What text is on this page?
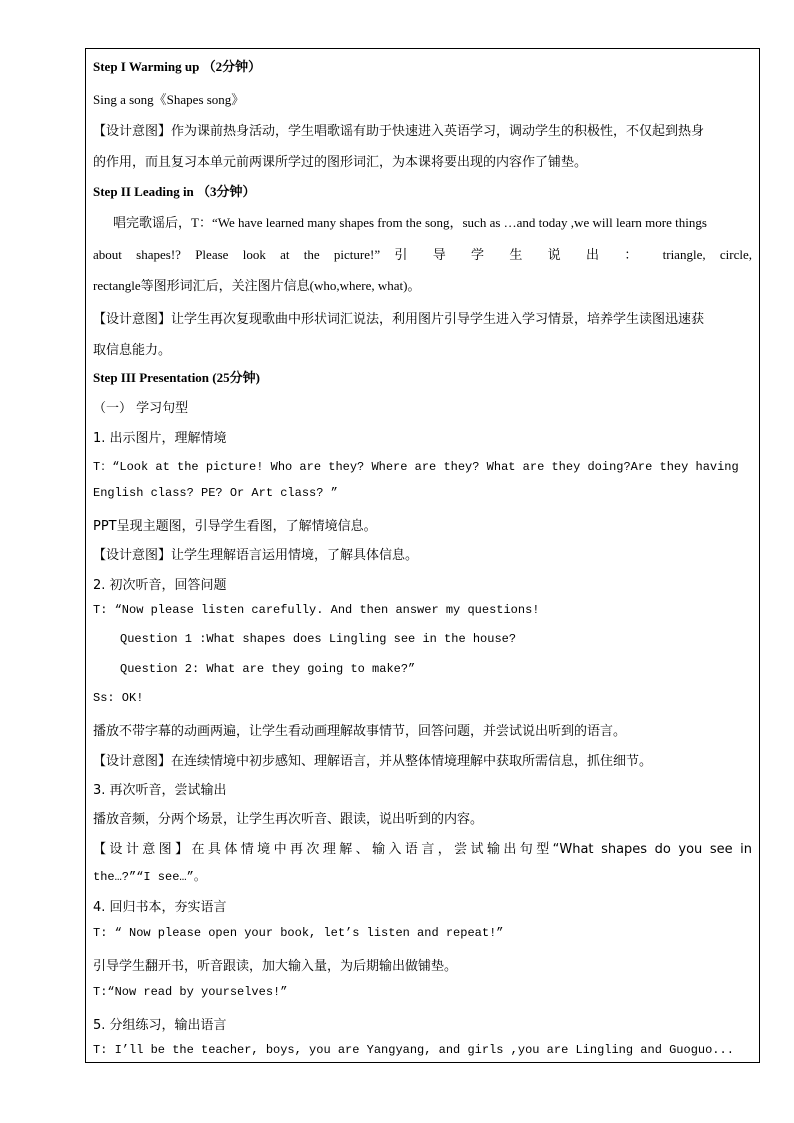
Step I Warming up （2分钟）
Sing a song《Shapes song》
【设计意图】作为课前热身活动，学生唱歌谣有助于快速进入英语学习，调动学生的积极性，不仅起到热身
的作用，而且复习本单元前两课所学过的图形词汇，为本课将要出现的内容作了铺垫。
Step II Leading in （3分钟）
唱完歌谣后，T：“We have learned many shapes from the song，such as …and today ,we will learn more things
about shapes!? Please look at the picture!” 引 导 学 生 说 出 ： triangle, circle,
rectangle等图形词汇后，关注图片信息(who,where, what)。
【设计意图】让学生再次复现歌曲中形状词汇说法，利用图片引导学生进入学习情景，培养学生读图迅速获
取信息能力。
Step III Presentation (25分钟)
（一） 学习句型
1. 出示图片，理解情境
T：“Look at the picture! Who are they? Where are they? What are they doing?Are they having
English class? PE? Or Art class? ”
PPT呈现主题图，引导学生看图，了解情境信息。
【设计意图】让学生理解语言运用情境，了解具体信息。
2. 初次听音，回答问题
T: “Now please listen carefully. And then answer my questions!
Question 1 :What shapes does Lingling see in the house?
Question 2: What are they going to make?”
Ss: OK!
播放不带字幕的动画两遍，让学生看动画理解故事情节，回答问题，并尝试说出听到的语言。
【设计意图】在连续情境中初步感知、理解语言，并从整体情境理解中获取所需信息，抓住细节。
3. 再次听音，尝试输出
播放音频，分两个场景，让学生再次听音、跟读，说出听到的内容。
【设计意图】在具体情境中再次理解、输入语言，尝试输出句型“What shapes do you see in
the…?”“I see…”。
4. 回归书本，夯实语言
T: “ Now please open your book, let’s listen and repeat!”
引导学生翻开书，听音跟读，加大输入量，为后期输出做铺垫。
T:“Now read by yourselves!”
5. 分组练习，输出语言
T: I’ll be the teacher, boys, you are Yangyang, and girls ,you are Lingling and Guoguo...
